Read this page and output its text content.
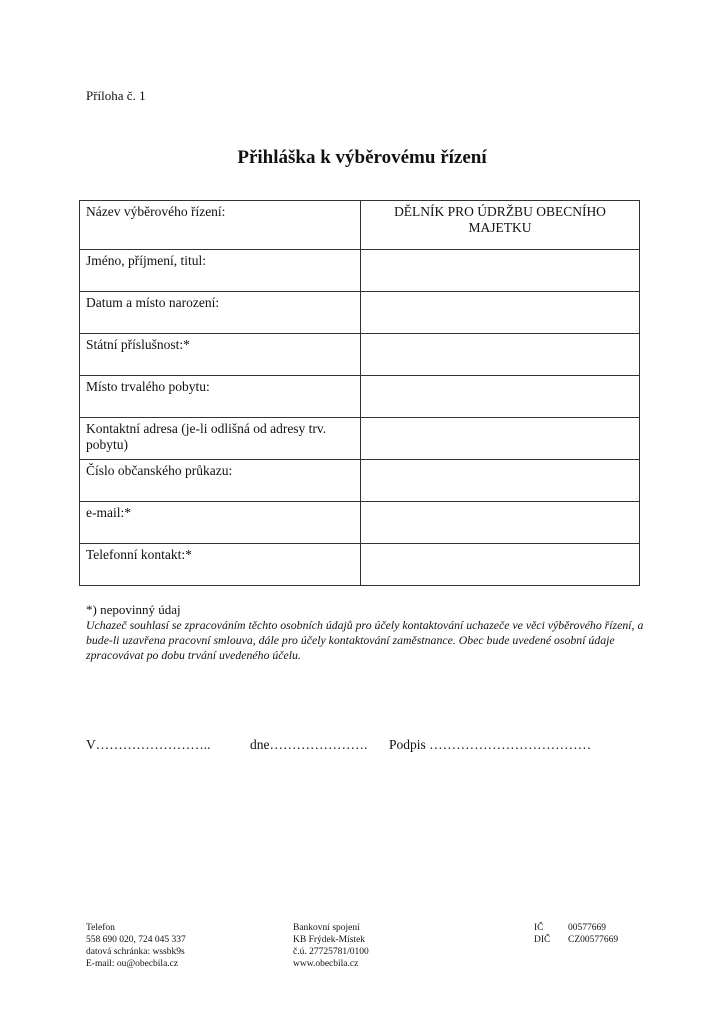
Příloha č. 1
Přihláška k výběrovému řízení
Název výběrového řízení:	DĚLNÍK PRO ÚDRŽBU OBECNÍHO MAJETKU
Jméno, příjmení, titul:	
Datum a místo narození:	
Státní příslušnost:*	
Místo trvalého pobytu:	
Kontaktní adresa (je-li odlišná od adresy trv. pobytu)	
Číslo občanského průkazu:	
e-mail:*	
Telefonní kontakt:*	
*) nepovinný údaj
Uchazeč souhlasí se zpracováním těchto osobních údajů pro účely kontaktování uchazeče ve věci výběrového řízení, a bude-li uzavřena pracovní smlouva, dále pro účely kontaktování zaměstnance. Obec bude uvedené osobní údaje zpracovávat po dobu trvání uvedeného účelu.
V……………………..	dne…………………. Podpis ………………………………
Telefon
558 690 020, 724 045 337
datová schránka: wssbk9s
E-mail: ou@obecbila.cz
Bankovní spojení
KB Frýdek-Místek
č.ú. 27725781/0100
www.obecbila.cz
IČ	00577669
DIČ CZ00577669
